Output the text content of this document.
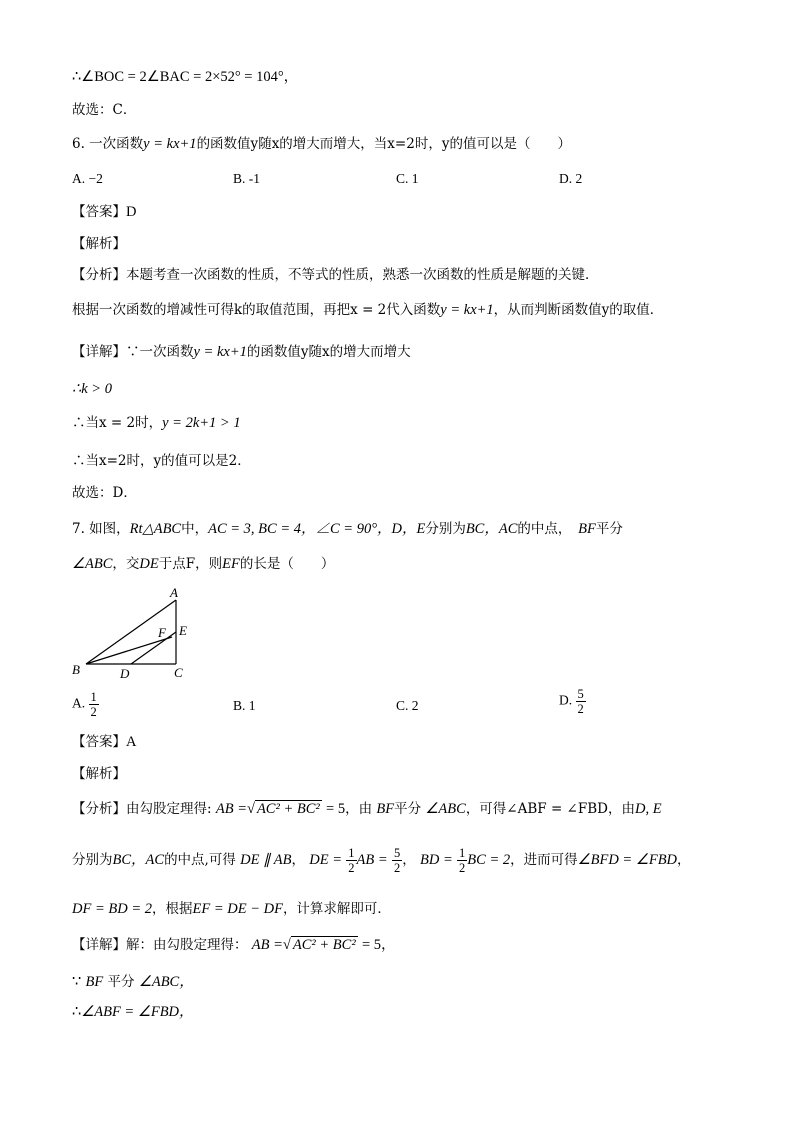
∴∠BOC = 2∠BAC = 2×52° = 104°，
故选：C．
6. 一次函数y = kx+1的函数值y随x的增大而增大，当x=2时，y的值可以是（　　）
A. −2	B. -1	C. 1	D. 2
【答案】D
【解析】
【分析】本题考查一次函数的性质，不等式的性质，熟悉一次函数的性质是解题的关键．
根据一次函数的增减性可得k的取值范围，再把x = 2代入函数y = kx+1，从而判断函数值y的取值．
【详解】∵一次函数y = kx+1的函数值y随x的增大而增大
∴k > 0
∴当x = 2时，y = 2k+1 > 1
∴当x=2时，y的值可以是2．
故选：D．
7. 如图，Rt△ABC中，AC = 3, BC = 4，∠C = 90°，D，E分别为BC，AC的中点，　 BF平分
∠ABC，交DE于点F，则EF的长是（　　）
A
B	C
D
E
F
A. $\frac{1}{2}$	B. 1	C. 2	D. $\frac{5}{2}$
【答案】A
【解析】
【分析】由勾股定理得: AB =√ AC² + BC² = 5，由 BF平分 ∠ABC，可得∠ABF = ∠FBD，由D, E
分别为BC，AC的中点,可得 DE ∥ AB， DE = $\frac{1}{2}$ AB = $\frac{5}{2}$ ， BD = $\frac{1}{2}$ BC = 2，进而可得∠BFD = ∠FBD，
DF = BD = 2，根据EF = DE − DF，计算求解即可．
【详解】解：由勾股定理得： AB =√ AC² + BC² = 5，
∵ BF 平分 ∠ABC，
∴∠ABF = ∠FBD，
